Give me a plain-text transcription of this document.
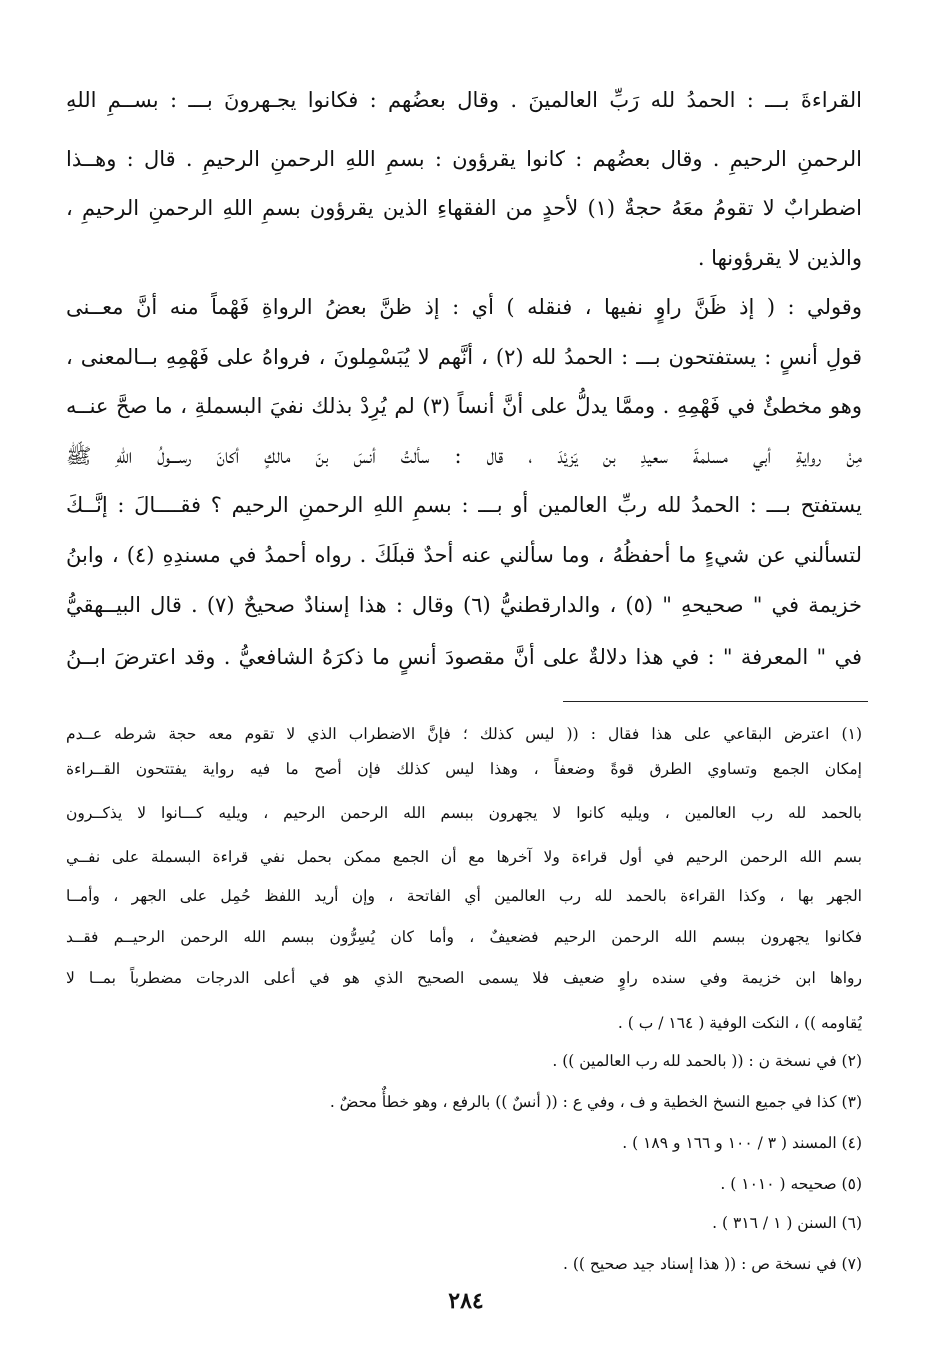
القراءةَ بـــ : الحمدُ لله رَبِّ العالمينَ . وقال بعضُهم : فكانوا يجـهرونَ بـــ : بســمِ اللهِ
الرحمنِ الرحيمِ . وقال بعضُهم : كانوا يقرؤون : بسمِ اللهِ الرحمنِ الرحيمِ . قال : وهــذا
اضطرابٌ لا تقومُ معَهُ حجةٌ (١) لأحدٍ من الفقهاءِ الذين يقرؤون بسمِ اللهِ الرحمنِ الرحيمِ ،
والذين لا يقرؤونها .
وقولي : ( إذ ظَنَّ راوٍ نفيها ، فنقله ) أي : إذ ظنَّ بعضُ الرواةِ فَهْماً منه أنَّ معــنى
قولِ أنسٍ : يستفتحون بـــ : الحمدُ لله (٢) ، أنَّهم لا يُبَسْمِلونَ ، فرواهُ على فَهْمِهِ بــالمعنى ،
وهو مخطئٌ في فَهْمِهِ . وممَّا يدلُّ على أنَّ أنساً (٣) لم يُرِدْ بذلك نفيَ البسملةِ ، ما صحَّ عنــه
مِنْ روايةِ أبي مسلمةَ سعيدِ بن يَزيْدَ ، قال : سألتُ أنسَ بنَ مالكٍ أكانَ رســـولُ اللهِ ﷺ
يستفتح بـــ : الحمدُ لله ربِّ العالمين أو بـــ : بسمِ اللهِ الرحمنِ الرحيم ؟ فقــــالَ : إنَّــكَ
لتسألني عن شيءٍ ما أحفظُهُ ، وما سألني عنه أحدٌ قبلَكَ . رواه أحمدُ في مسندِهِ (٤) ، وابنُ
خزيمة في " صحيحهِ " (٥) ، والدارقطنيُّ (٦) وقال : هذا إسنادٌ صحيحٌ (٧) . قال البيــهقيُّ
في " المعرفة " : في هذا دلالةٌ على أنَّ مقصودَ أنسٍ ما ذكرَهُ الشافعيُّ . وقد اعترضَ ابــنُ
(١) اعترض البقاعي على هذا فقال : (( ليس كذلك ؛ فإنَّ الاضطراب الذي لا تقوم معه حجة شرطه عــدم
إمكان الجمع وتساوي الطرق قوةً وضعفاً ، وهذا ليس كذلك فإن أصح ما فيه رواية يفتتحون القــراءة
بالحمد لله رب العالمين ، ويليه كانوا لا يجهرون ببسم الله الرحمن الرحيم ، ويليه كـــانوا لا يذكــرون
بسم الله الرحمن الرحيم في أول قراءة ولا آخرها مع أن الجمع ممكن بحمل نفي قراءة البسملة على نفــي
الجهر بها ، وكذا القراءة بالحمد لله رب العالمين أي الفاتحة ، وإن أريد اللفظ حُمِل على الجهر ، وأمــا
فكانوا يجهرون ببسم الله الرحمن الرحيم فضعيفٌ ، وأما كان يُسِرُّون ببسم الله الرحمن الرحيــم فقــد
رواها ابن خزيمة وفي سنده راوٍ ضعيف فلا يسمى الصحيح الذي هو في أعلى الدرجات مضطرباً بمــا لا
يُقاومه )) ، النكت الوفية ( ١٦٤ / ب ) .
(٢) في نسخة ن : (( بالحمد لله رب العالمين )) .
(٣) كذا في جميع النسخ الخطية و ف ، وفي ع : (( أنسٌ )) بالرفع ، وهو خطأٌ محضٌ .
(٤) المسند ( ٣ / ١٠٠ و ١٦٦ و ١٨٩ ) .
(٥) صحيحه ( ١٠١٠ ) .
(٦) السنن ( ١ / ٣١٦ ) .
(٧) في نسخة ص : (( هذا إسناد جيد صحيح )) .
٢٨٤
